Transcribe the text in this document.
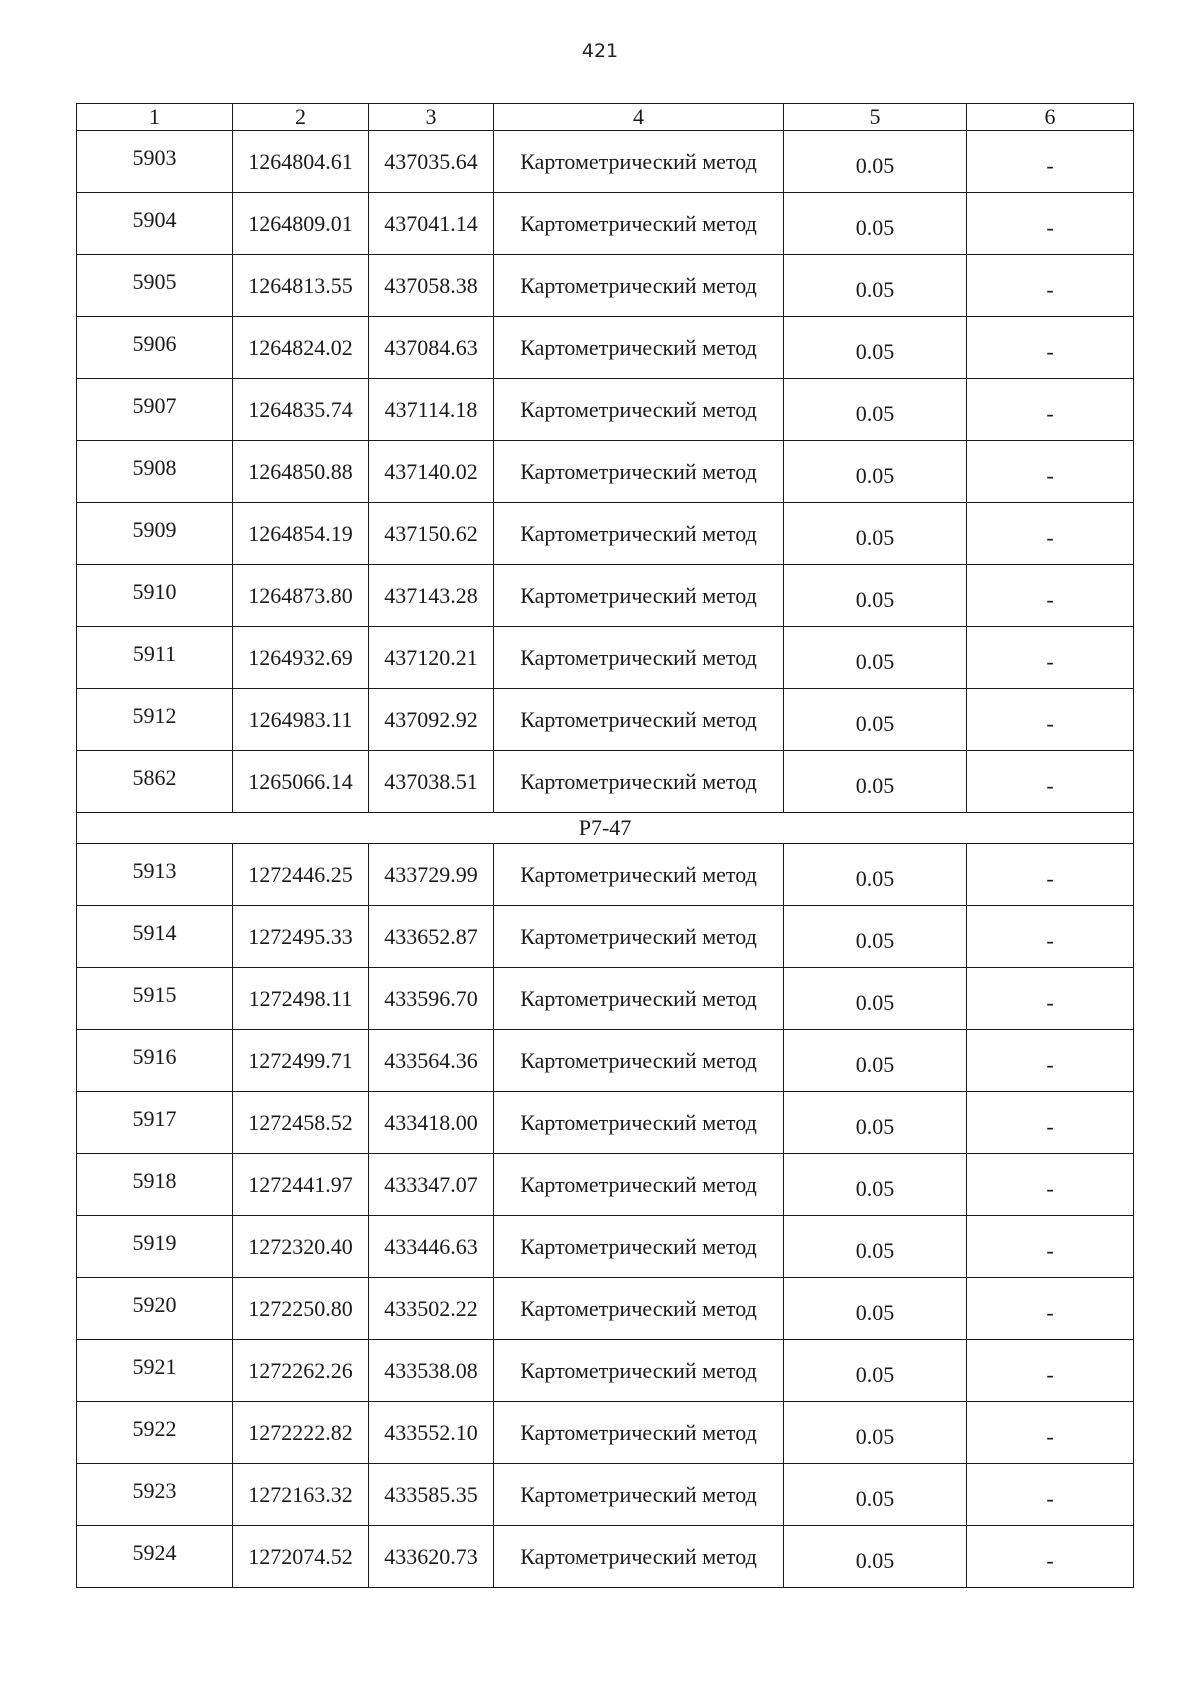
421
1	2	3	4	5	6
5903	1264804.61	437035.64	Картометрический метод	0.05	-
5904	1264809.01	437041.14	Картометрический метод	0.05	-
5905	1264813.55	437058.38	Картометрический метод	0.05	-
5906	1264824.02	437084.63	Картометрический метод	0.05	-
5907	1264835.74	437114.18	Картометрический метод	0.05	-
5908	1264850.88	437140.02	Картометрический метод	0.05	-
5909	1264854.19	437150.62	Картометрический метод	0.05	-
5910	1264873.80	437143.28	Картометрический метод	0.05	-
5911	1264932.69	437120.21	Картометрический метод	0.05	-
5912	1264983.11	437092.92	Картометрический метод	0.05	-
5862	1265066.14	437038.51	Картометрический метод	0.05	-
Р7-47					
5913	1272446.25	433729.99	Картометрический метод	0.05	-
5914	1272495.33	433652.87	Картометрический метод	0.05	-
5915	1272498.11	433596.70	Картометрический метод	0.05	-
5916	1272499.71	433564.36	Картометрический метод	0.05	-
5917	1272458.52	433418.00	Картометрический метод	0.05	-
5918	1272441.97	433347.07	Картометрический метод	0.05	-
5919	1272320.40	433446.63	Картометрический метод	0.05	-
5920	1272250.80	433502.22	Картометрический метод	0.05	-
5921	1272262.26	433538.08	Картометрический метод	0.05	-
5922	1272222.82	433552.10	Картометрический метод	0.05	-
5923	1272163.32	433585.35	Картометрический метод	0.05	-
5924	1272074.52	433620.73	Картометрический метод	0.05	-
